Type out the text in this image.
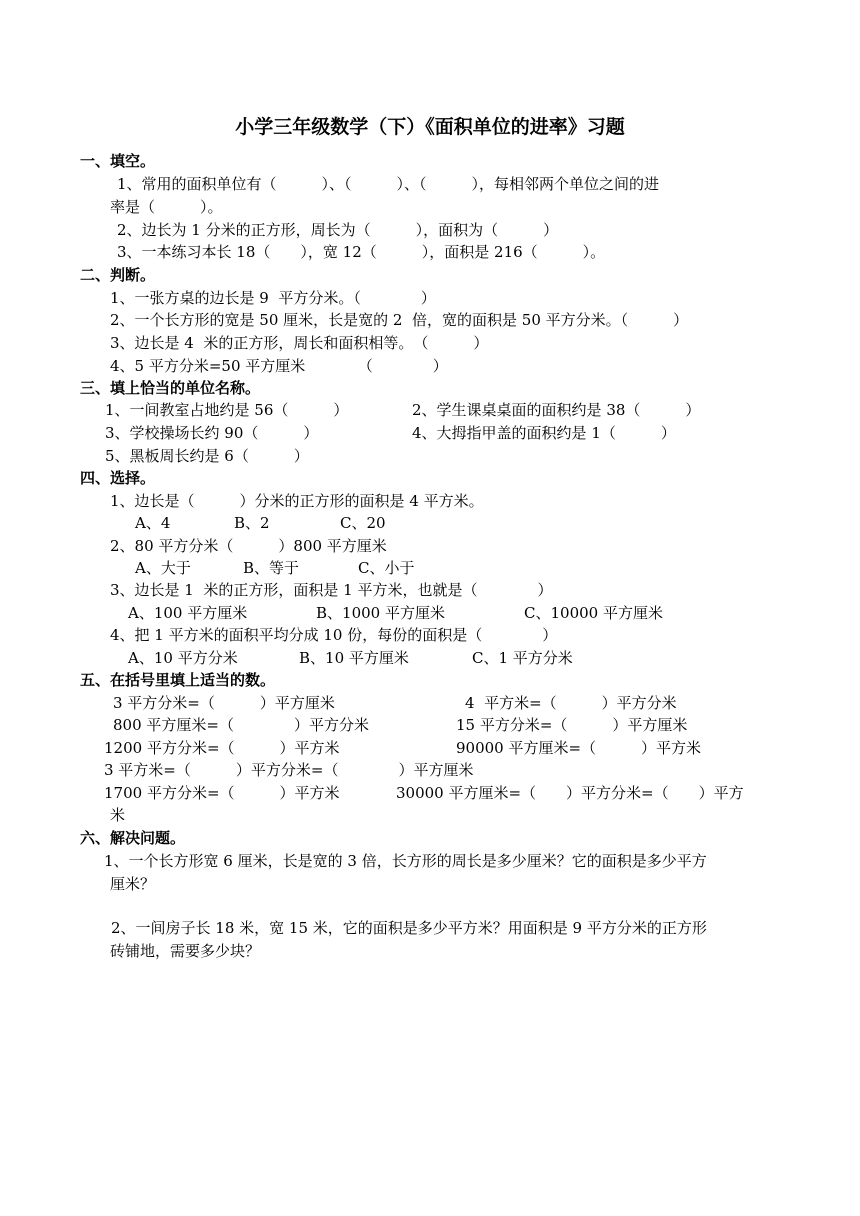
小学三年级数学（下）《面积单位的进率》习题
一、填空。
1、常用的面积单位有（　　　）、（　　　）、（　　　），每相邻两个单位之间的进
率是（　　　）。
2、边长为 1 分米的正方形，周长为（　　　），面积为（　　　）
3、一本练习本长 18（　　），宽 12（　　　），面积是 216（　　　）。
二、判断。
1、一张方桌的边长是 9  平方分米。（　　　　）
2、一个长方形的宽是 50 厘米，长是宽的 2  倍，宽的面积是 50 平方分米。（　　　）
3、边长是 4  米的正方形，周长和面积相等。　（　　　）
4、5 平方分米=50 平方厘米　　　　（　　　　）
三、填上恰当的单位名称。
1、一间教室占地约是 56（　　　）	2、学生课桌桌面的面积约是 38（　　　）
3、学校操场长约 90（　　　）	4、大拇指甲盖的面积约是 1（　　　）
5、黑板周长约是 6（　　　）
四、选择。
1、边长是（　　　）分米的正方形的面积是 4 平方米。
A、4	B、2	C、20
2、80 平方分米（　　　）800 平方厘米
A、大于	B、等于	C、小于
3、边长是 1  米的正方形，面积是 1 平方米，也就是（　　　　）
A、100 平方厘米	B、1000 平方厘米	C、10000 平方厘米
4、把 1 平方米的面积平均分成 10 份，每份的面积是（　　　　）
A、10 平方分米	B、10 平方厘米	C、1 平方分米
五、在括号里填上适当的数。
3 平方分米=（　　　）平方厘米	4  平方米=（　　　）平方分米
800 平方厘米=（　　　　）平方分米	15 平方分米=（　　　）平方厘米
1200 平方分米=（　　　）平方米	90000 平方厘米=（　　　）平方米
3 平方米=（　　　）平方分米=（　　　　）平方厘米
1700 平方分米=（　　　）平方米	30000 平方厘米=（　　）平方分米=（　　）平方
米
六、解决问题。
1、一个长方形宽 6 厘米，长是宽的 3 倍，长方形的周长是多少厘米？它的面积是多少平方
厘米？
2、一间房子长 18 米，宽 15 米，它的面积是多少平方米？用面积是 9 平方分米的正方形
砖铺地，需要多少块？
